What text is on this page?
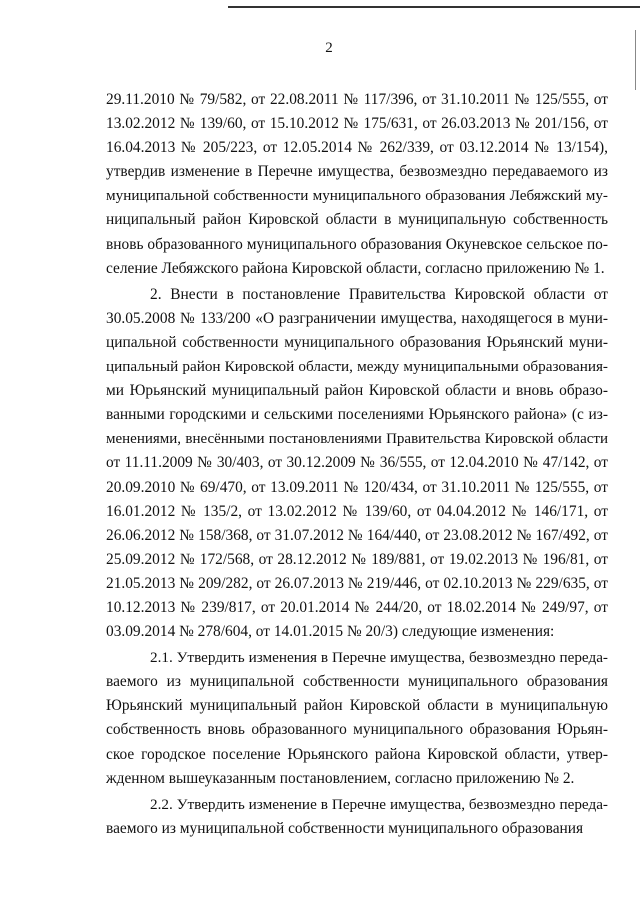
2
29.11.2010 № 79/582, от 22.08.2011 № 117/396, от 31.10.2011 № 125/555, от
13.02.2012 № 139/60, от 15.10.2012 № 175/631, от 26.03.2013 № 201/156, от
16.04.2013 № 205/223, от 12.05.2014 № 262/339, от 03.12.2014 № 13/154),
утвердив изменение в Перечне имущества, безвозмездно передаваемого из
муниципальной собственности муниципального образования Лебяжский му-
ниципальный район Кировской области в муниципальную собственность
вновь образованного муниципального образования Окуневское сельское по-
селение Лебяжского района Кировской области, согласно приложению № 1.
2. Внести в постановление Правительства Кировской области от
30.05.2008 № 133/200 «О разграничении имущества, находящегося в муни-
ципальной собственности муниципального образования Юрьянский муни-
ципальный район Кировской области, между муниципальными образования-
ми Юрьянский муниципальный район Кировской области и вновь образо-
ванными городскими и сельскими поселениями Юрьянского района» (с из-
менениями, внесёнными постановлениями Правительства Кировской области
от 11.11.2009 № 30/403, от 30.12.2009 № 36/555, от 12.04.2010 № 47/142, от
20.09.2010 № 69/470, от 13.09.2011 № 120/434, от 31.10.2011 № 125/555, от
16.01.2012 № 135/2, от 13.02.2012 № 139/60, от 04.04.2012 № 146/171, от
26.06.2012 № 158/368, от 31.07.2012 № 164/440, от 23.08.2012 № 167/492, от
25.09.2012 № 172/568, от 28.12.2012 № 189/881, от 19.02.2013 № 196/81, от
21.05.2013 № 209/282, от 26.07.2013 № 219/446, от 02.10.2013 № 229/635, от
10.12.2013 № 239/817, от 20.01.2014 № 244/20, от 18.02.2014 № 249/97, от
03.09.2014 № 278/604, от 14.01.2015 № 20/3) следующие изменения:
2.1. Утвердить изменения в Перечне имущества, безвозмездно переда-
ваемого из муниципальной собственности муниципального образования
Юрьянский муниципальный район Кировской области в муниципальную
собственность вновь образованного муниципального образования Юрьян-
ское городское поселение Юрьянского района Кировской области, утвер-
жденном вышеуказанным постановлением, согласно приложению № 2.
2.2. Утвердить изменение в Перечне имущества, безвозмездно переда-
ваемого из муниципальной собственности муниципального образования
